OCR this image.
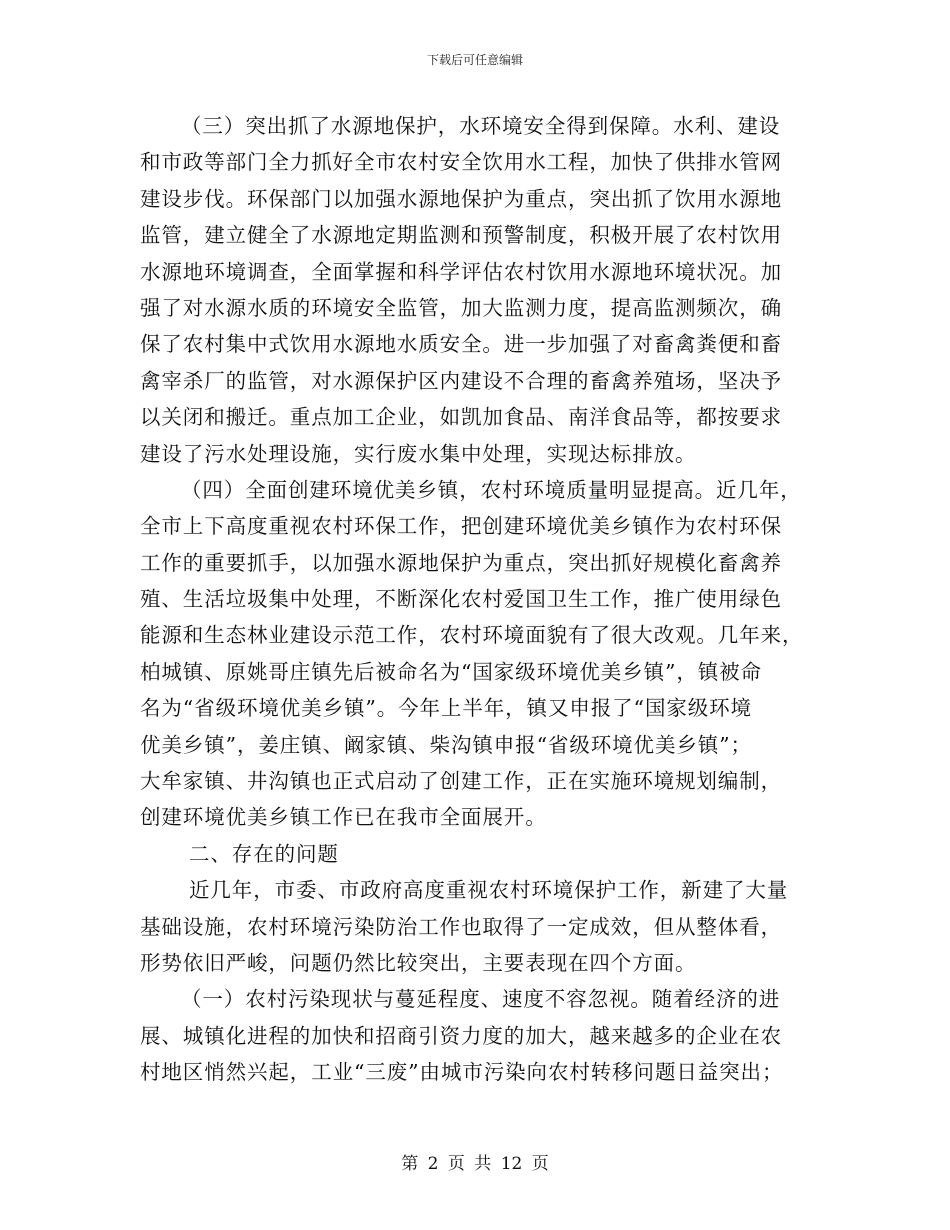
下载后可任意编辑
（三）突出抓了水源地保护，水环境安全得到保障。水利、建设
和市政等部门全力抓好全市农村安全饮用水工程，加快了供排水管网
建设步伐。环保部门以加强水源地保护为重点，突出抓了饮用水源地
监管，建立健全了水源地定期监测和预警制度，积极开展了农村饮用
水源地环境调查，全面掌握和科学评估农村饮用水源地环境状况。加
强了对水源水质的环境安全监管，加大监测力度，提高监测频次，确
保了农村集中式饮用水源地水质安全。进一步加强了对畜禽粪便和畜
禽宰杀厂的监管，对水源保护区内建设不合理的畜禽养殖场，坚决予
以关闭和搬迁。重点加工企业，如凯加食品、南洋食品等，都按要求
建设了污水处理设施，实行废水集中处理，实现达标排放。
（四）全面创建环境优美乡镇，农村环境质量明显提高。近几年，
全市上下高度重视农村环保工作，把创建环境优美乡镇作为农村环保
工作的重要抓手，以加强水源地保护为重点，突出抓好规模化畜禽养
殖、生活垃圾集中处理，不断深化农村爱国卫生工作，推广使用绿色
能源和生态林业建设示范工作，农村环境面貌有了很大改观。几年来，
柏城镇、原姚哥庄镇先后被命名为“国家级环境优美乡镇”，镇被命
名为“省级环境优美乡镇”。今年上半年，镇又申报了“国家级环境
优美乡镇”，姜庄镇、阚家镇、柴沟镇申报“省级环境优美乡镇”；
大牟家镇、井沟镇也正式启动了创建工作，正在实施环境规划编制，
创建环境优美乡镇工作已在我市全面展开。
二、存在的问题
近几年，市委、市政府高度重视农村环境保护工作，新建了大量
基础设施，农村环境污染防治工作也取得了一定成效，但从整体看，
形势依旧严峻，问题仍然比较突出，主要表现在四个方面。
（一）农村污染现状与蔓延程度、速度不容忽视。随着经济的进
展、城镇化进程的加快和招商引资力度的加大，越来越多的企业在农
村地区悄然兴起，工业“三废”由城市污染向农村转移问题日益突出；
第 2 页 共 12 页
